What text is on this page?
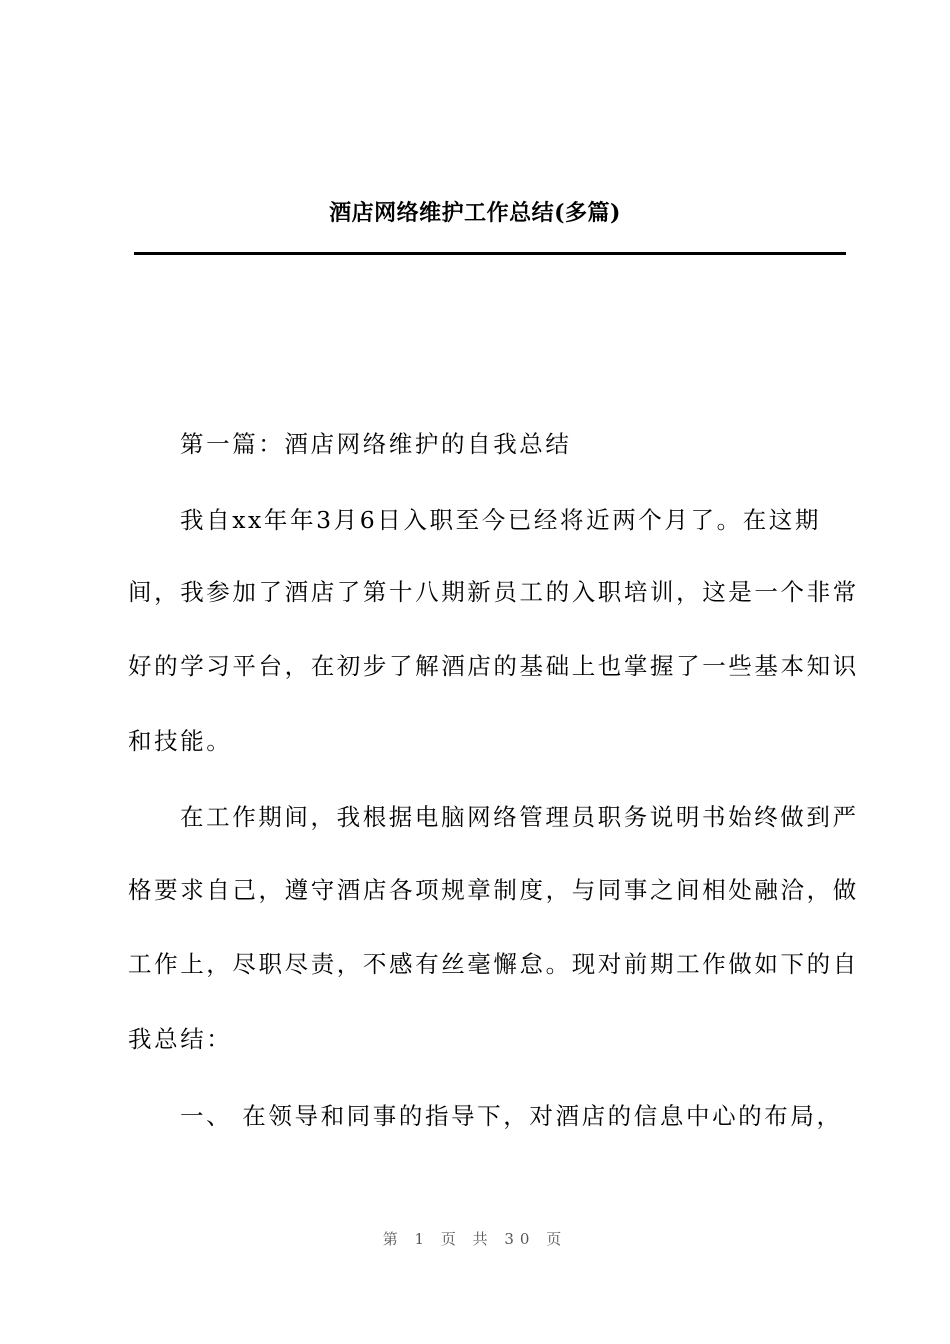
酒店网络维护工作总结(多篇)
第一篇：酒店网络维护的自我总结
我自xx年年3月6日入职至今已经将近两个月了。在这期
间，我参加了酒店了第十八期新员工的入职培训，这是一个非常
好的学习平台，在初步了解酒店的基础上也掌握了一些基本知识
和技能。
在工作期间，我根据电脑网络管理员职务说明书始终做到严
格要求自己，遵守酒店各项规章制度，与同事之间相处融洽，做
工作上，尽职尽责，不感有丝毫懈怠。现对前期工作做如下的自
我总结：
一、 在领导和同事的指导下，对酒店的信息中心的布局，
第 1 页 共 30 页
